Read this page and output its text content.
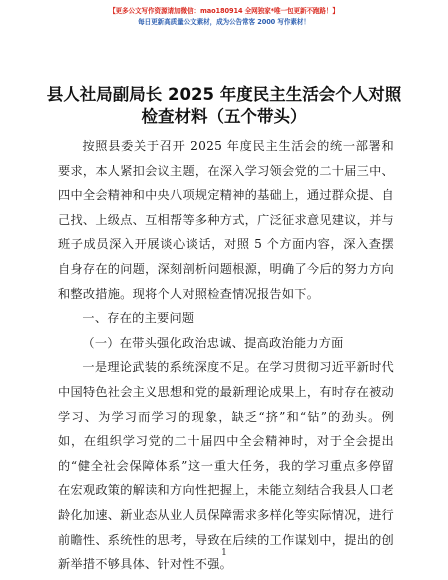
【更多公文写作资源请加微信：mao180914 全网独家*唯一包更新不跑路！】
每日更新高质量公文素材，成为公告常客 2000 写作素材！
县人社局副局长 2025 年度民主生活会个人对照
检查材料（五个带头）

按照县委关于召开 2025 年度民主生活会的统一部署和要求，本人紧扣会议主题，在深入学习领会党的二十届三中、四中全会精神和中央八项规定精神的基础上，通过群众提、自己找、上级点、互相帮等多种方式，广泛征求意见建议，并与班子成员深入开展谈心谈话，对照 5 个方面内容，深入查摆自身存在的问题，深刻剖析问题根源，明确了今后的努力方向和整改措施。现将个人对照检查情况报告如下。

一、存在的主要问题

（一）在带头强化政治忠诚、提高政治能力方面

一是理论武装的系统深度不足。在学习贯彻习近平新时代中国特色社会主义思想和党的最新理论成果上，有时存在被动学习、为学习而学习的现象，缺乏“挤”和“钻”的劲头。例如，在组织学习党的二十届四中全会精神时，对于全会提出的“健全社会保障体系”这一重大任务，我的学习重点多停留在宏观政策的解读和方向性把握上，未能立刻结合我县人口老龄化加速、新业态从业人员保障需求多样化等实际情况，进行前瞻性、系统性的思考，导致在后续的工作谋划中，提出的创新举措不够具体、针对性不强。

1
